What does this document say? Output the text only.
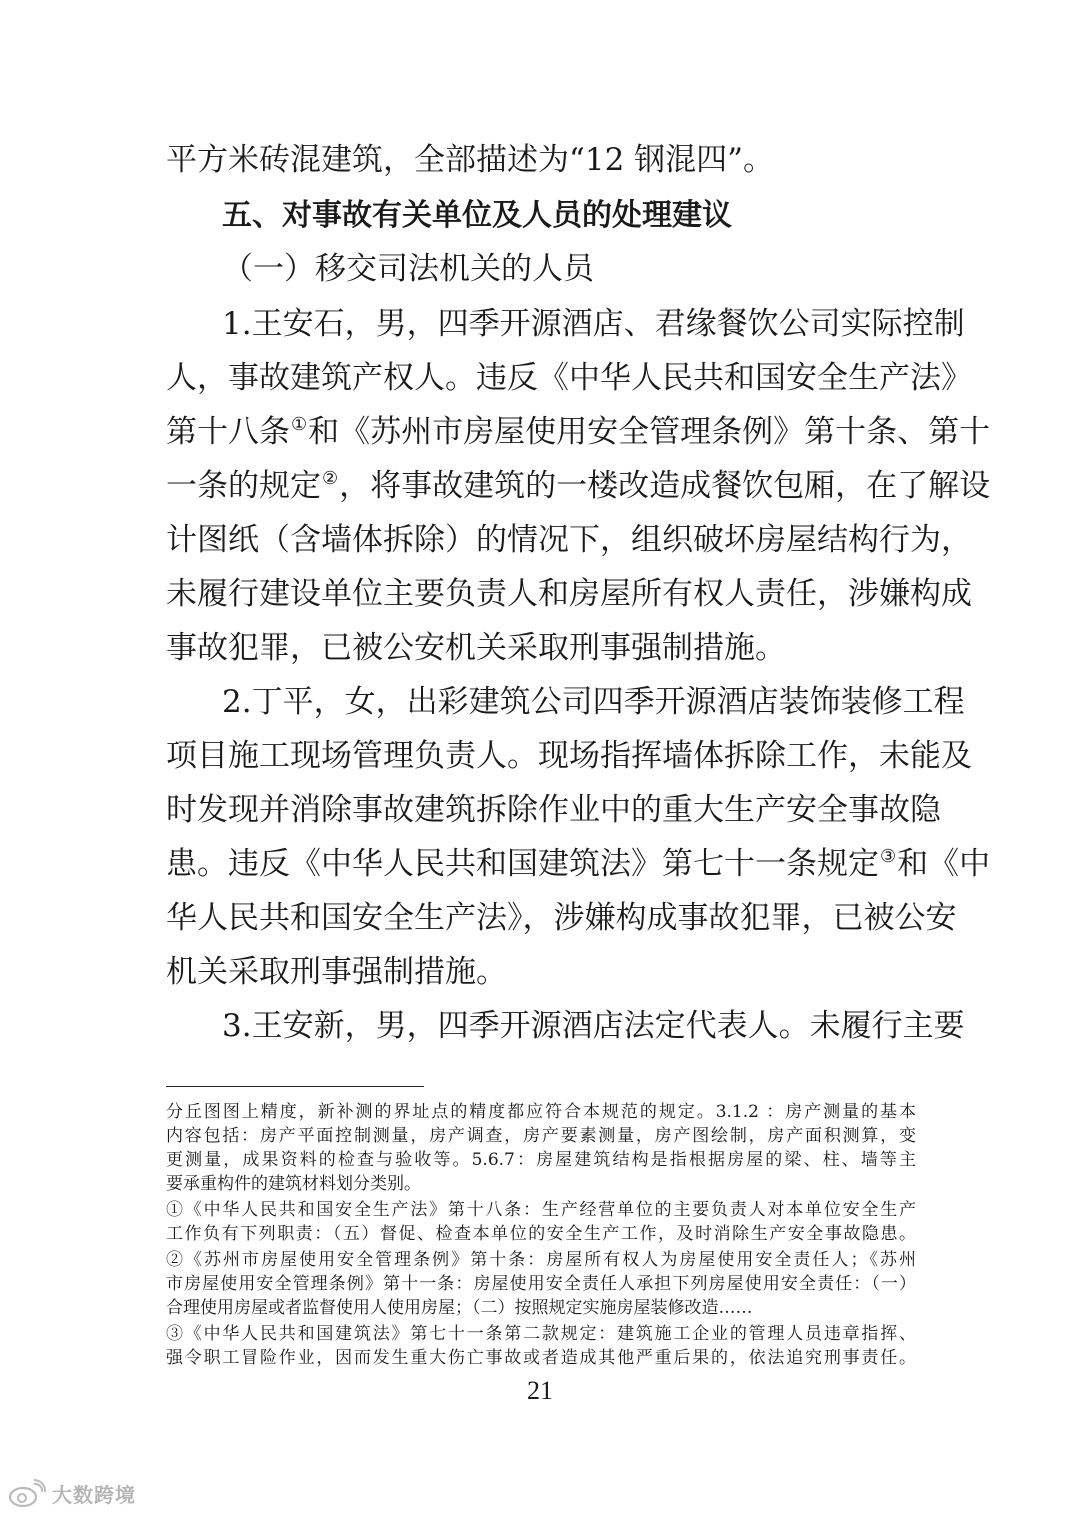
平方米砖混建筑，全部描述为“12 钢混四”。
五、对事故有关单位及人员的处理建议
（一）移交司法机关的人员
1.王安石，男，四季开源酒店、君缘餐饮公司实际控制
人，事故建筑产权人。违反《中华人民共和国安全生产法》
第十八条①和《苏州市房屋使用安全管理条例》第十条、第十
一条的规定②，将事故建筑的一楼改造成餐饮包厢，在了解设
计图纸（含墙体拆除）的情况下，组织破坏房屋结构行为，
未履行建设单位主要负责人和房屋所有权人责任，涉嫌构成
事故犯罪，已被公安机关采取刑事强制措施。
2.丁平，女，出彩建筑公司四季开源酒店装饰装修工程
项目施工现场管理负责人。现场指挥墙体拆除工作，未能及
时发现并消除事故建筑拆除作业中的重大生产安全事故隐
患。违反《中华人民共和国建筑法》第七十一条规定③和《中
华人民共和国安全生产法》，涉嫌构成事故犯罪，已被公安
机关采取刑事强制措施。
3.王安新，男，四季开源酒店法定代表人。未履行主要
分丘图图上精度，新补测的界址点的精度都应符合本规范的规定。3.1.2 ：房产测量的基本
内容包括：房产平面控制测量，房产调查，房产要素测量，房产图绘制，房产面积测算，变
更测量，成果资料的检查与验收等。5.6.7：房屋建筑结构是指根据房屋的梁、柱、墙等主
要承重构件的建筑材料划分类别。
①《中华人民共和国安全生产法》第十八条：生产经营单位的主要负责人对本单位安全生产
工作负有下列职责：（五）督促、检查本单位的安全生产工作，及时消除生产安全事故隐患。
②《苏州市房屋使用安全管理条例》第十条：房屋所有权人为房屋使用安全责任人；《苏州
市房屋使用安全管理条例》第十一条：房屋使用安全责任人承担下列房屋使用安全责任：（一）
合理使用房屋或者监督使用人使用房屋；（二）按照规定实施房屋装修改造……
③《中华人民共和国建筑法》第七十一条第二款规定：建筑施工企业的管理人员违章指挥、
强令职工冒险作业，因而发生重大伤亡事故或者造成其他严重后果的，依法追究刑事责任。
21
大数跨境
